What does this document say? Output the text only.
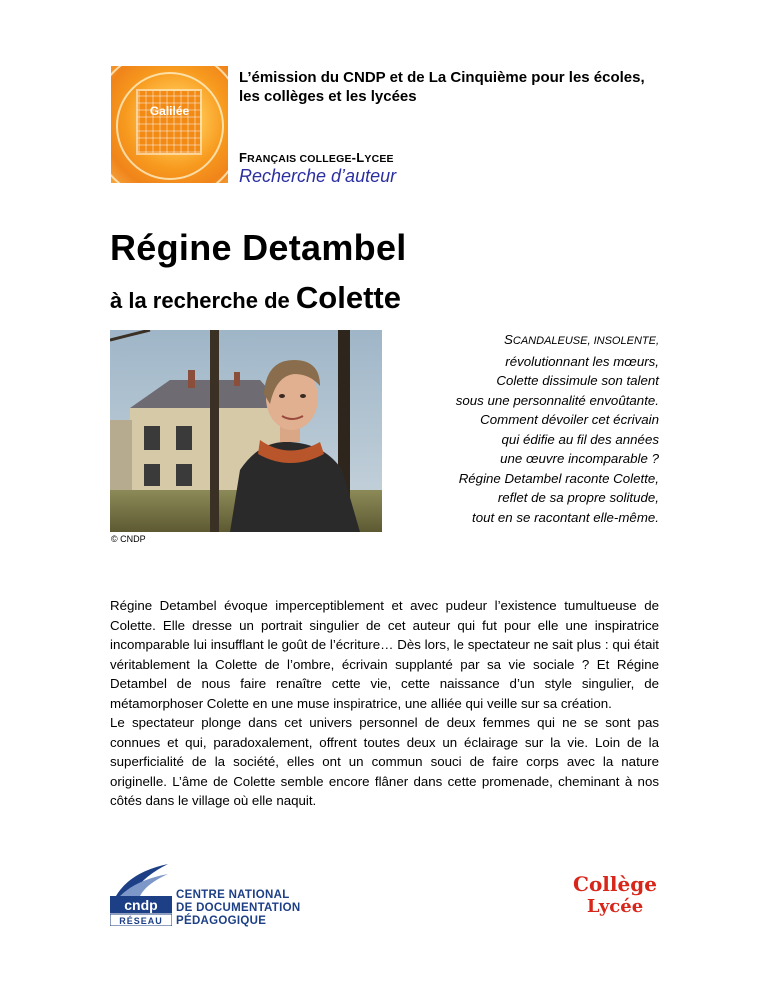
Galilée
L’émission du CNDP et de La Cinquième pour les écoles, les collèges et les lycées
FRANÇAIS COLLEGE-LYCEE
Recherche d’auteur
Régine Detambel
à la recherche de Colette
© CNDP
SCANDALEUSE, INSOLENTE,
révolutionnant les mœurs,
Colette dissimule son talent
sous une personnalité envoûtante.
Comment dévoiler cet écrivain
qui édifie au fil des années
une œuvre incomparable ?
Régine Detambel raconte Colette,
reflet de sa propre solitude,
tout en se racontant elle-même.

Régine Detambel évoque imperceptiblement et avec pudeur l’existence tumultueuse de Colette. Elle dresse un portrait singulier de cet auteur qui fut pour elle une inspiratrice incomparable lui insufflant le goût de l’écriture… Dès lors, le spectateur ne sait plus : qui était véritablement la Colette de l’ombre, écrivain supplanté par sa vie sociale ? Et Régine Detambel de nous faire renaître cette vie, cette naissance d’un style singulier, de métamorphoser Colette en une muse inspiratrice, une alliée qui veille sur sa création.

Le spectateur plonge dans cet univers personnel de deux femmes qui ne se sont pas connues et qui, paradoxalement, offrent toutes deux un éclairage sur la vie. Loin de la superficialité de la société, elles ont un commun souci de faire corps avec la nature originelle. L’âme de Colette semble encore flâner dans cette promenade, cheminant à nos côtés dans le village où elle naquit.

cndp
RÉSEAU
CENTRE NATIONAL
DE DOCUMENTATION
PÉDAGOGIQUE
Collège
Lycée
